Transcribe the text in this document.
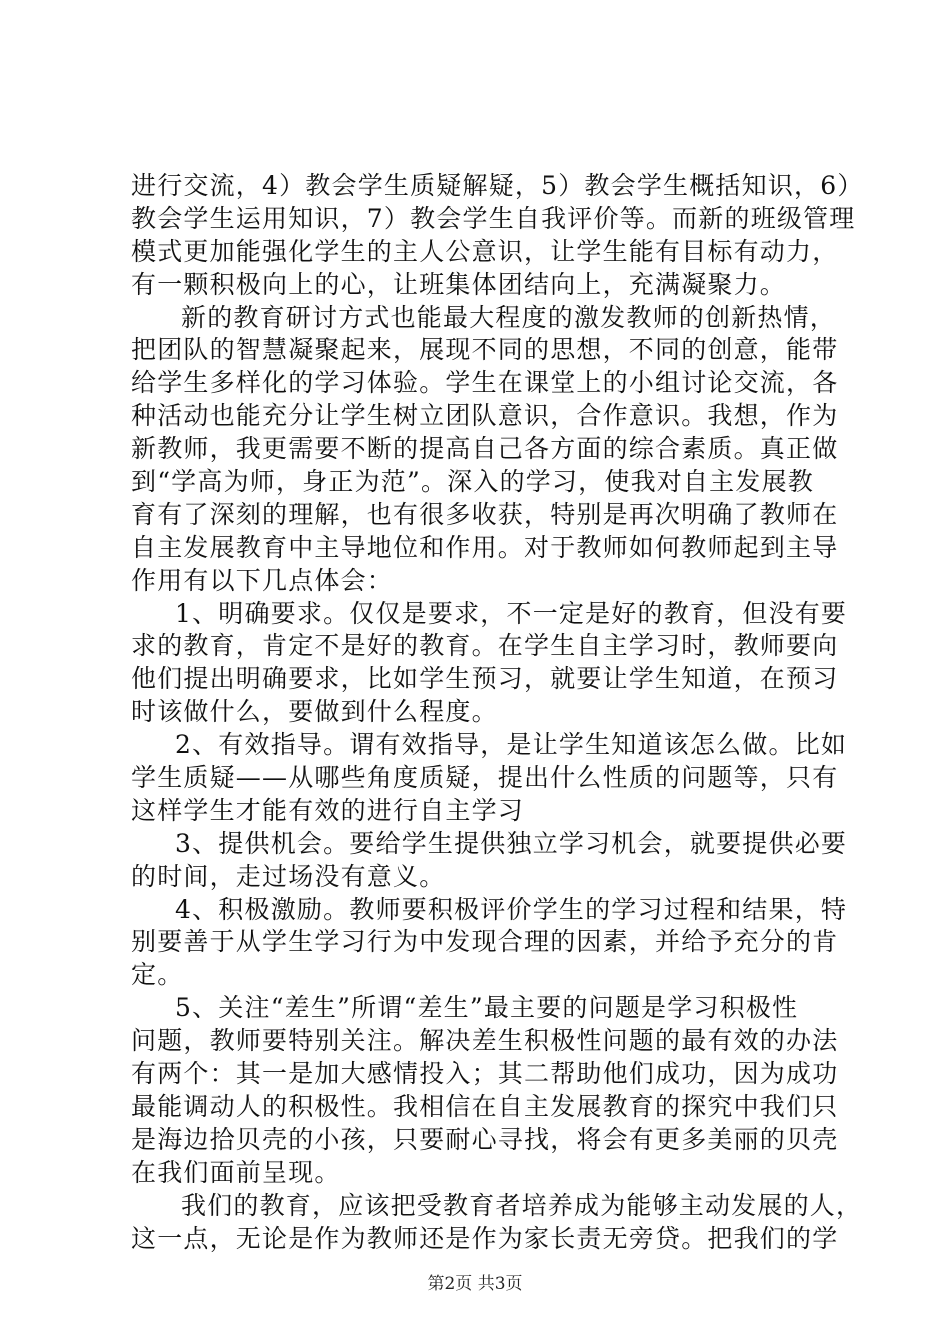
进行交流，4）教会学生质疑解疑，5）教会学生概括知识，6）
教会学生运用知识，7）教会学生自我评价等。而新的班级管理
模式更加能强化学生的主人公意识，让学生能有目标有动力，
有一颗积极向上的心，让班集体团结向上，充满凝聚力。
新的教育研讨方式也能最大程度的激发教师的创新热情，
把团队的智慧凝聚起来，展现不同的思想，不同的创意，能带
给学生多样化的学习体验。学生在课堂上的小组讨论交流，各
种活动也能充分让学生树立团队意识，合作意识。我想，作为
新教师，我更需要不断的提高自己各方面的综合素质。真正做
到“学高为师，身正为范”。深入的学习，使我对自主发展教
育有了深刻的理解，也有很多收获，特别是再次明确了教师在
自主发展教育中主导地位和作用。对于教师如何教师起到主导
作用有以下几点体会：
1、明确要求。仅仅是要求，不一定是好的教育，但没有要
求的教育，肯定不是好的教育。在学生自主学习时，教师要向
他们提出明确要求，比如学生预习，就要让学生知道，在预习
时该做什么，要做到什么程度。
2、有效指导。谓有效指导，是让学生知道该怎么做。比如
学生质疑——从哪些角度质疑，提出什么性质的问题等，只有
这样学生才能有效的进行自主学习
3、提供机会。要给学生提供独立学习机会，就要提供必要
的时间，走过场没有意义。
4、积极激励。教师要积极评价学生的学习过程和结果，特
别要善于从学生学习行为中发现合理的因素，并给予充分的肯
定。
5、关注“差生”所谓“差生”最主要的问题是学习积极性
问题，教师要特别关注。解决差生积极性问题的最有效的办法
有两个：其一是加大感情投入；其二帮助他们成功，因为成功
最能调动人的积极性。我相信在自主发展教育的探究中我们只
是海边拾贝壳的小孩，只要耐心寻找，将会有更多美丽的贝壳
在我们面前呈现。
我们的教育，应该把受教育者培养成为能够主动发展的人，
这一点，无论是作为教师还是作为家长责无旁贷。把我们的学
第2页 共3页
